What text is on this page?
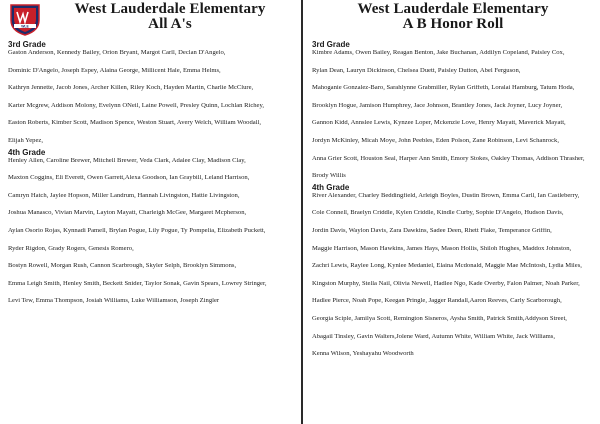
WLE
West Lauderdale Elementary
All A's
3rd Grade
Gaston Anderson, Kennedy Bailey, Orion Bryant, Margot Carll, Declan D'Angelo,
Dominic D'Angelo, Joseph Espey, Alaina George, Millicent Hale, Emma Helms,
Kathryn Jennette, Jacob Jones, Archer Killen, Riley Koch, Hayden Martin, Charlie McClure,
Karter Mcgrew, Addison Molony, Evelynn ONeil, Laine Powell, Presley Quinn, Lochlan Richey,
Easton Roberts, Kimber Scott, Madison Spence, Weston Stuart, Avery Welch, William Woodall,
Elijah Yepez,
4th Grade
Henley Allen, Caroline Brewer, Mitchell Brewer, Veda Clark, Adalee Clay, Madison Clay,
Maxton Coggins, Eli Everett, Owen Garrett,Alexa Goodson, Ian Graybill, Leland Harrison,
Camryn Hatch, Jaylee Hopson, Miller Landrum, Hannah Livingston, Hattie Livingston,
Joshua Manasco, Vivian Marvin, Layton Mayatt, Charleigh McGee, Margaret Mcpherson,
Aylan Osorio Rojas, Kynnadi Pamell, Brylan Pogue, Lily Pogue, Ty Pompelia, Elizabeth Puckett,
Ryder Rigdon, Grady Rogers, Genesis Romero,
Bostyn Rowell, Morgan Rush, Cannon Scarbrough, Skyler Selph, Brooklyn Simmons,
Emma Leigh Smith, Henley Smith, Beckett Snider, Taylor Sonak, Gavin Spears, Lowrey Stringer,
Levi Tew, Emma Thompson, Josiah Williams, Luke Williamson, Joseph Zingler
West Lauderdale Elementary
A B Honor Roll
3rd Grade
Kimbre Adams, Owen Bailey, Reagan Benton, Jake Buchanan, Addilyn Copeland, Paisley Cox,
Rylan Dean, Lauryn Dickinson, Chelsea Duett, Paisley Dutton, Abel Ferguson,
Mahoganie Gonzalez-Baro, Sarahlynne Grabmiller, Rylan Griffeth, Loralai Hamburg, Tatum Hoda,
Brooklyn Hogue, Jamison Humphrey, Jace Johnson, Brantley Jones, Jack Joyner, Lucy Joyner,
Gannon Kidd, Annslee Lewis, Kynzee Loper, Mckenzie Love, Henry Mayatt, Maverick Mayatt,
Jordyn McKinley, Micah Moye, John Peebles, Eden Polson, Zane Robinson, Levi Schanrock,
Anna Grier Scott, Houston Seal, Harper Ann Smith, Emory Stokes, Oakley Thomas, Addison Thrasher,
Brody Willis
4th Grade
River Alexander, Charley Beddingfield, Arleigh Boyles, Dustin Brown, Emma Carll, Ian Castleberry,
Cole Connell, Braelyn Criddle, Kylen Criddle, Kindle Curby, Sophie D'Angelo, Hudson Davis,
Jordin Davis, Waylon Davis, Zara Dawkins, Sadee Deen, Rhett Flake, Temperance Griffin,
Maggie Harrison, Mason Hawkins, James Hays, Mason Hollis, Shiloh Hughes, Maddox Johnston,
Zachri Lewis, Raylee Long, Kynlee Medaniel, Elaina Mcdonald, Maggie Mae McIntosh, Lydia Miles,
Kingston Murphy, Stella Nail, Olivia Newell, Hadlee Ngo, Kade Overby, Falon Palmer, Noah Parker,
Hadlee Pierce, Noah Pope, Keegan Pringle, Jagger Randall,Aaron Reeves, Carly Scarborough,
Georgia Sciple, Jamilya Scott, Remington Sisneros, Aysha Smith, Patrick Smith,Addyson Street,
Abagail Tinsley, Gavin Walters,Jolene Ward, Autumn White, William White, Jack Williams,
Kenna Wilson, Yeshayahu Woodworth
